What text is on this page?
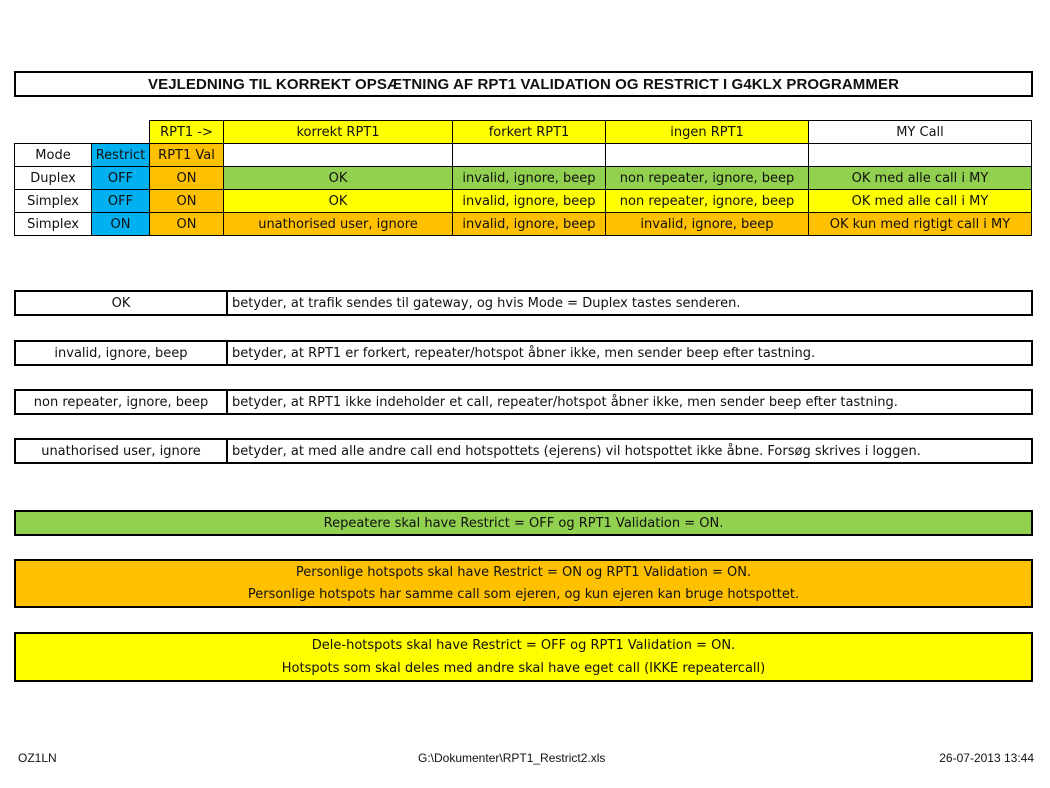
VEJLEDNING TIL KORREKT OPSÆTNING AF RPT1 VALIDATION OG RESTRICT I G4KLX PROGRAMMER
		RPT1 ->	korrekt RPT1	forkert RPT1	ingen RPT1	MY Call
Mode	Restrict	RPT1 Val				
Duplex	OFF	ON	OK	invalid, ignore, beep	non repeater, ignore, beep	OK med alle call i MY
Simplex	OFF	ON	OK	invalid, ignore, beep	non repeater, ignore, beep	OK med alle call i MY
Simplex	ON	ON	unathorised user, ignore	invalid, ignore, beep	invalid, ignore, beep	OK kun med rigtigt call i MY
OK	betyder, at trafik sendes til gateway, og hvis Mode = Duplex tastes senderen.
invalid, ignore, beep	betyder, at RPT1 er forkert, repeater/hotspot åbner ikke, men sender beep efter tastning.
non repeater, ignore, beep	betyder, at RPT1 ikke indeholder et call, repeater/hotspot åbner ikke, men sender beep efter tastning.
unathorised user, ignore	betyder, at med alle andre call end hotspottets (ejerens) vil hotspottet ikke åbne. Forsøg skrives i loggen.
Repeatere skal have Restrict = OFF og RPT1 Validation = ON.
Personlige hotspots skal have Restrict = ON og RPT1 Validation = ON.
Personlige hotspots har samme call som ejeren, og kun ejeren kan bruge hotspottet.
Dele-hotspots skal have Restrict = OFF og RPT1 Validation = ON.
Hotspots som skal deles med andre skal have eget call (IKKE repeatercall)
OZ1LN	G:\Dokumenter\RPT1_Restrict2.xls	26-07-2013 13:44
